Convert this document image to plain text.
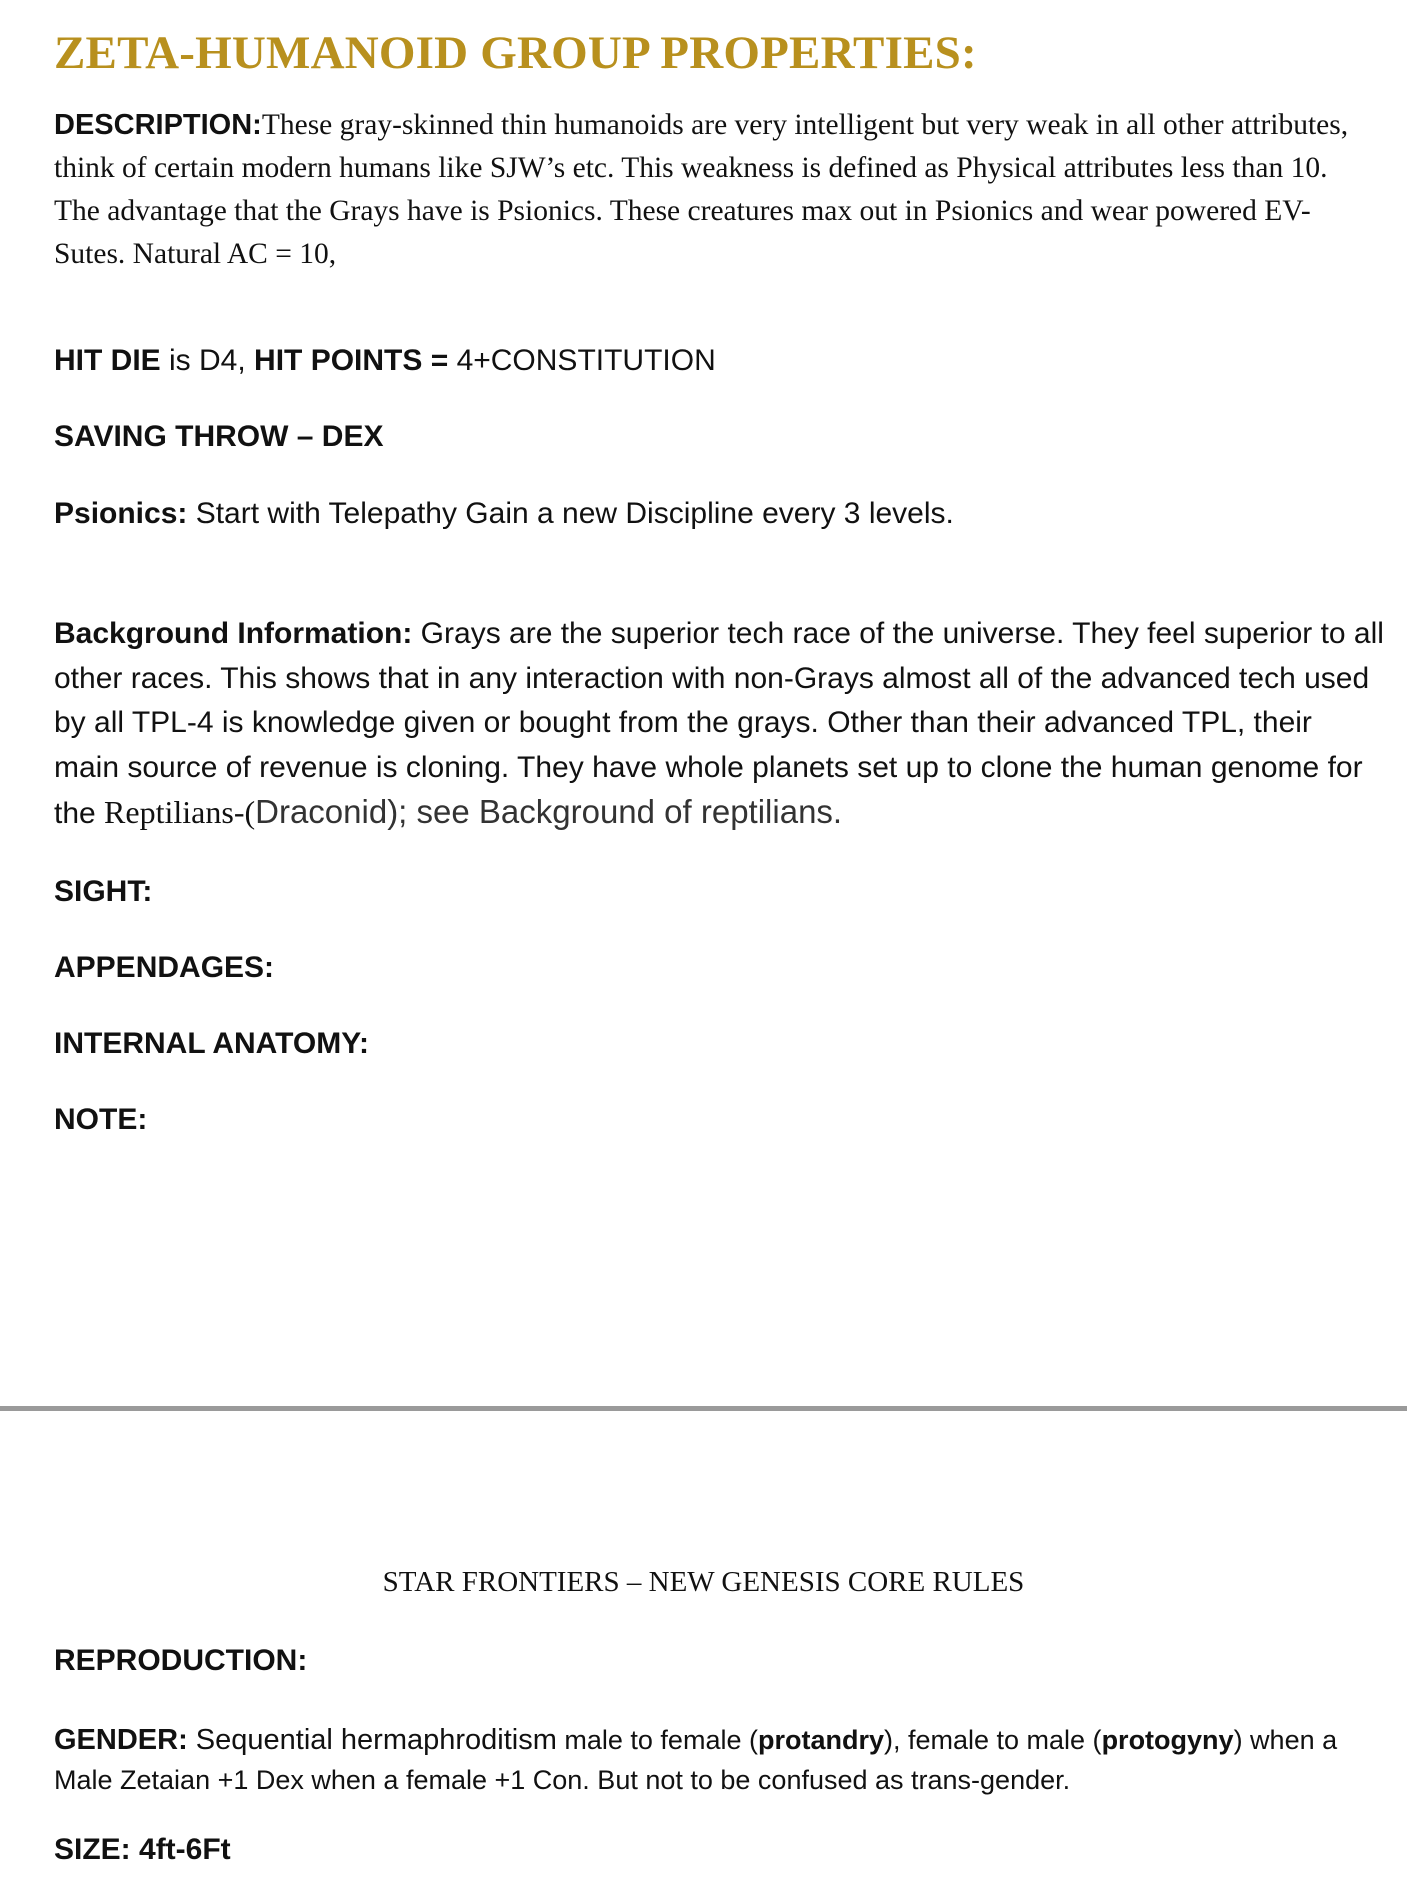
ZETA-HUMANOID GROUP PROPERTIES:

DESCRIPTION:These gray-skinned thin humanoids are very intelligent but very weak in all other attributes, think of certain modern humans like SJW’s etc. This weakness is defined as Physical attributes less than 10. The advantage that the Grays have is Psionics. These creatures max out in Psionics and wear powered EV-Sutes. Natural AC = 10,

HIT DIE is D4, HIT POINTS = 4+CONSTITUTION

SAVING THROW – DEX

Psionics: Start with Telepathy Gain a new Discipline every 3 levels.

Background Information: Grays are the superior tech race of the universe. They feel superior to all other races. This shows that in any interaction with non-Grays almost all of the advanced tech used by all TPL-4 is knowledge given or bought from the grays. Other than their advanced TPL, their main source of revenue is cloning. They have whole planets set up to clone the human genome for the Reptilians-(Draconid); see Background of reptilians.

SIGHT:

APPENDAGES:

INTERNAL ANATOMY:

NOTE:

STAR FRONTIERS – NEW GENESIS CORE RULES

REPRODUCTION:

GENDER: Sequential hermaphroditism male to female (protandry), female to male (protogyny) when a Male Zetaian +1 Dex when a female +1 Con. But not to be confused as trans-gender.

SIZE: 4ft-6Ft
